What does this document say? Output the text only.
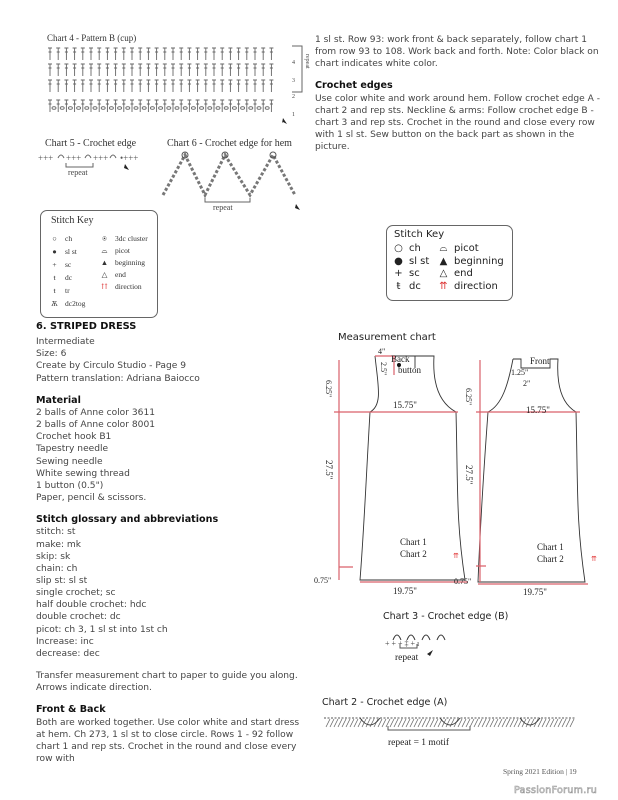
Chart 4 - Pattern B (cup)
4
3
2
1
repeat
Chart 5 - Crochet edge
+++ +++ +++ •+++
repeat
Chart 6 - Crochet edge for hem
repeat
Stitch Key
○	ch
●	sl st
+	sc
ŧ	dc
ŧ	tr
Ѫ dc2tog
⍟	3dc cluster
⌓	picot
▲ beginning
△	end
⇈ direction
6. STRIPED DRESS
Intermediate
Size: 6
Create by Circulo Studio - Page 9
Pattern translation: Adriana Baiocco
Material
2 balls of Anne color 3611
2 balls of Anne color 8001
Crochet hook B1
Tapestry needle
Sewing needle
White sewing thread
1 button (0.5")
Paper, pencil & scissors.
Stitch glossary and abbreviations
stitch: st
make: mk
skip: sk
chain: ch
slip st: sl st
single crochet; sc
half double crochet: hdc
double crochet: dc
picot: ch 3, 1 sl st into 1st ch
Increase: inc
decrease: dec
Transfer measurement chart to paper to guide you along. Arrows indicate direction.
Front & Back
Both are worked together. Use color white and start dress at hem. Ch 273, 1 sl st to close circle. Rows 1 - 92 follow chart 1 and rep sts. Crochet in the round and close every row with
1 sl st. Row 93: work front & back separately, follow chart 1 from row 93 to 108. Work back and forth. Note: Color black on chart indicates white color.
Crochet edges
Use color white and work around hem. Follow crochet edge A - chart 2 and rep sts. Neckline & arms: Follow crochet edge B - chart 3 and rep sts. Crochet in the round and close every row with 1 sl st. Sew button on the back part as shown in the picture.
Stitch Key
○ ch
● sl st
+ sc
ŧ dc
⌓ picot
▲ beginning
△ end
⇈ direction
Measurement chart
Back
button
4"
2.5"
6.25"
15.75"
27.5"
0.75"
19.75"
Chart 1
Chart 2	⇈
Front
1.25"
2"
6.25"
15.75"
27.5"
0.75"
19.75"
Chart 1
Chart 2	⇈
Chart 3 - Crochet edge (B)
+ + + ‡ + ı
repeat
Chart 2 - Crochet edge (A)
repeat = 1 motif
Spring 2021 Edition | 19
PassionForum.ru
